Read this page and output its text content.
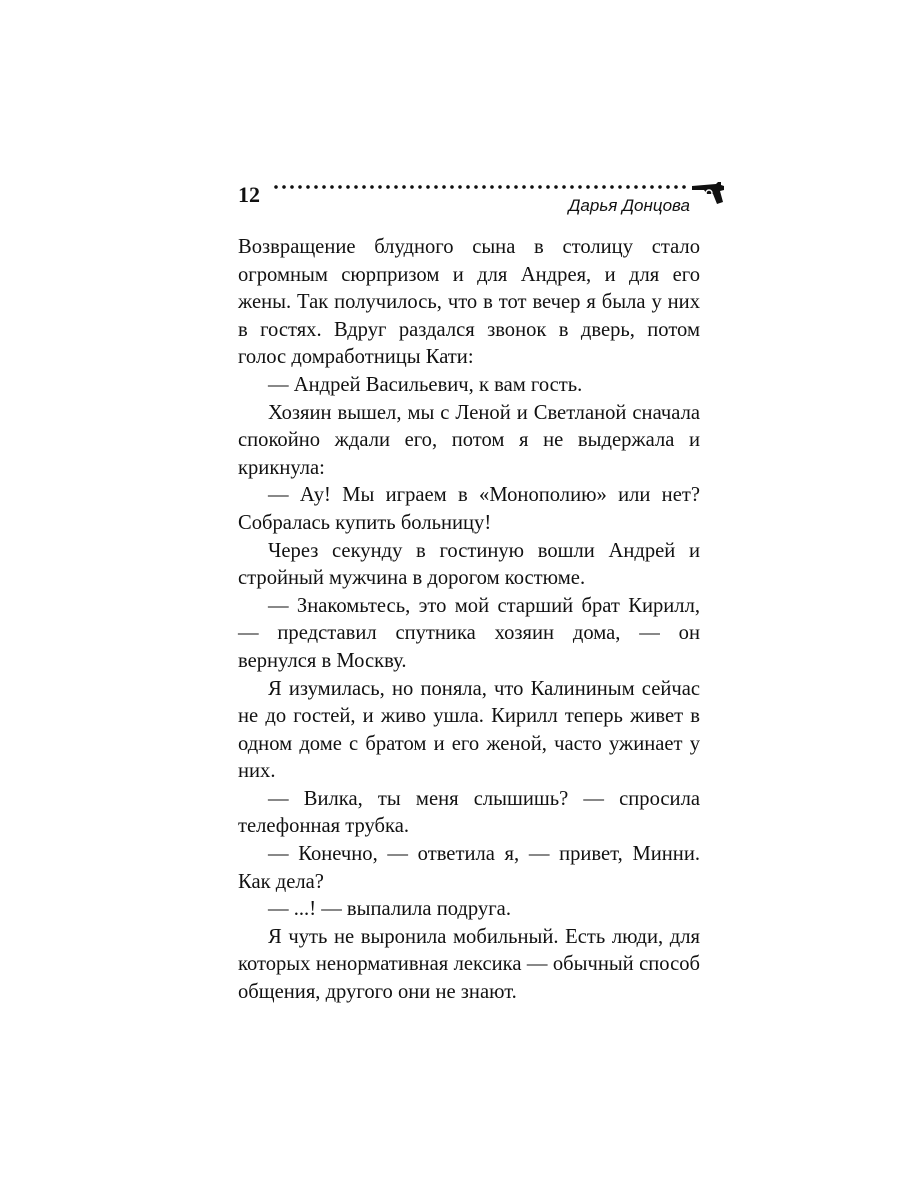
12	Дарья Донцова

Возвращение блудного сына в столицу стало огромным сюрпризом и для Андрея, и для его жены. Так получилось, что в тот вечер я была у них в гостях. Вдруг раздался звонок в дверь, потом голос домработницы Кати:

— Андрей Васильевич, к вам гость.

Хозяин вышел, мы с Леной и Светланой сначала спокойно ждали его, потом я не выдержала и крикнула:

— Ау! Мы играем в «Монополию» или нет? Собралась купить больницу!

Через секунду в гостиную вошли Андрей и стройный мужчина в дорогом костюме.

— Знакомьтесь, это мой старший брат Кирилл, — представил спутника хозяин дома, — он вернулся в Москву.

Я изумилась, но поняла, что Калининым сейчас не до гостей, и живо ушла. Кирилл теперь живет в одном доме с братом и его женой, часто ужинает у них.

— Вилка, ты меня слышишь? — спросила телефонная трубка.

— Конечно, — ответила я, — привет, Минни. Как дела?

— ...! — выпалила подруга.

Я чуть не выронила мобильный. Есть люди, для которых ненормативная лексика — обычный способ общения, другого они не знают.
